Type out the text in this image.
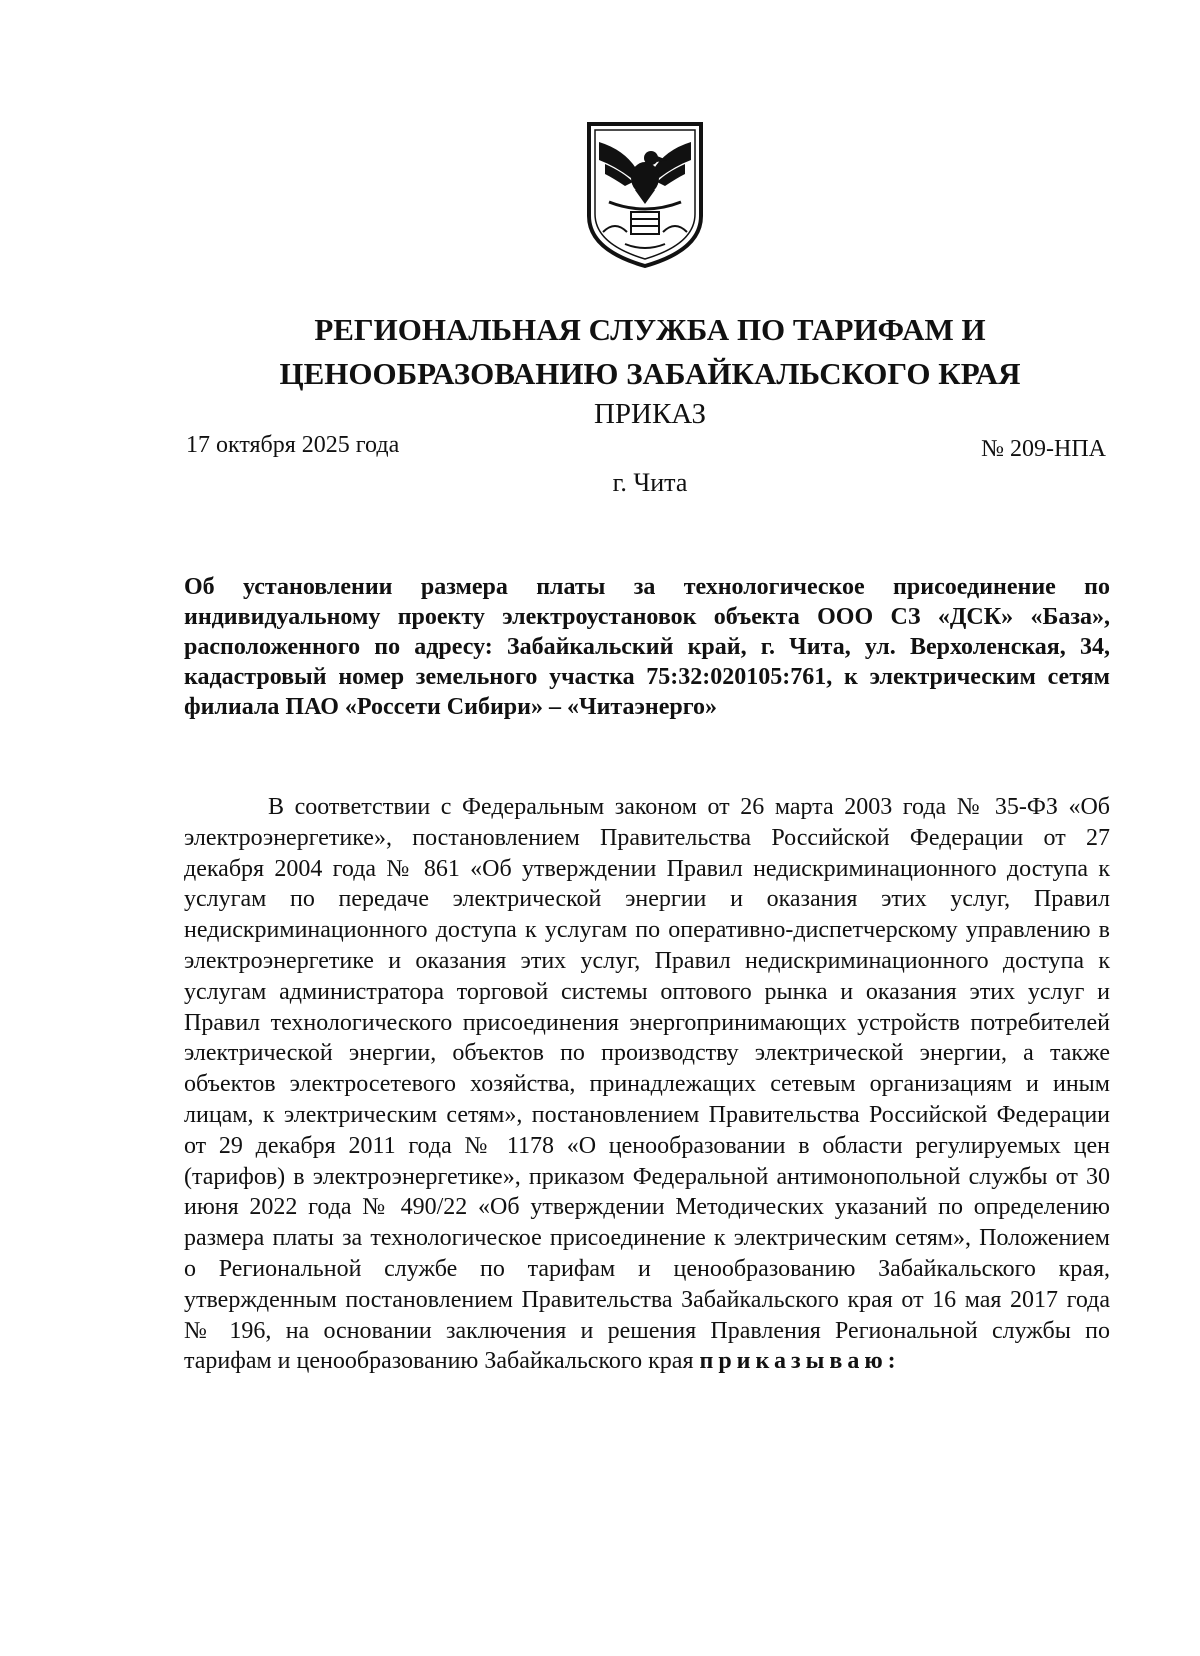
РЕГИОНАЛЬНАЯ СЛУЖБА ПО ТАРИФАМ И
ЦЕНООБРАЗОВАНИЮ ЗАБАЙКАЛЬСКОГО КРАЯ
ПРИКАЗ
17 октября 2025 года	№ 209-НПА
г. Чита
Об установлении размера платы за технологическое присоединение по индивидуальному проекту электроустановок объекта ООО СЗ «ДСК» «База», расположенного по адресу: Забайкальский край, г. Чита, ул. Верхоленская, 34, кадастровый номер земельного участка 75:32:020105:761, к электрическим сетям филиала ПАО «Россети Сибири» – «Читаэнерго»

В соответствии с Федеральным законом от 26 марта 2003 года № 35-ФЗ «Об электроэнергетике», постановлением Правительства Российской Федерации от 27 декабря 2004 года № 861 «Об утверждении Правил недискриминационного доступа к услугам по передаче электрической энергии и оказания этих услуг, Правил недискриминационного доступа к услугам по оперативно-диспетчерскому управлению в электроэнергетике и оказания этих услуг, Правил недискриминационного доступа к услугам администратора торговой системы оптового рынка и оказания этих услуг и Правил технологического присоединения энергопринимающих устройств потребителей электрической энергии, объектов по производству электрической энергии, а также объектов электросетевого хозяйства, принадлежащих сетевым организациям и иным лицам, к электрическим сетям», постановлением Правительства Российской Федерации от 29 декабря 2011 года № 1178 «О ценообразовании в области регулируемых цен (тарифов) в электроэнергетике», приказом Федеральной антимонопольной службы от 30 июня 2022 года № 490/22 «Об утверждении Методических указаний по определению размера платы за технологическое присоединение к электрическим сетям», Положением о Региональной службе по тарифам и ценообразованию Забайкальского края, утвержденным постановлением Правительства Забайкальского края от 16 мая 2017 года № 196, на основании заключения и решения Правления Региональной службы по тарифам и ценообразованию Забайкальского края приказываю:
